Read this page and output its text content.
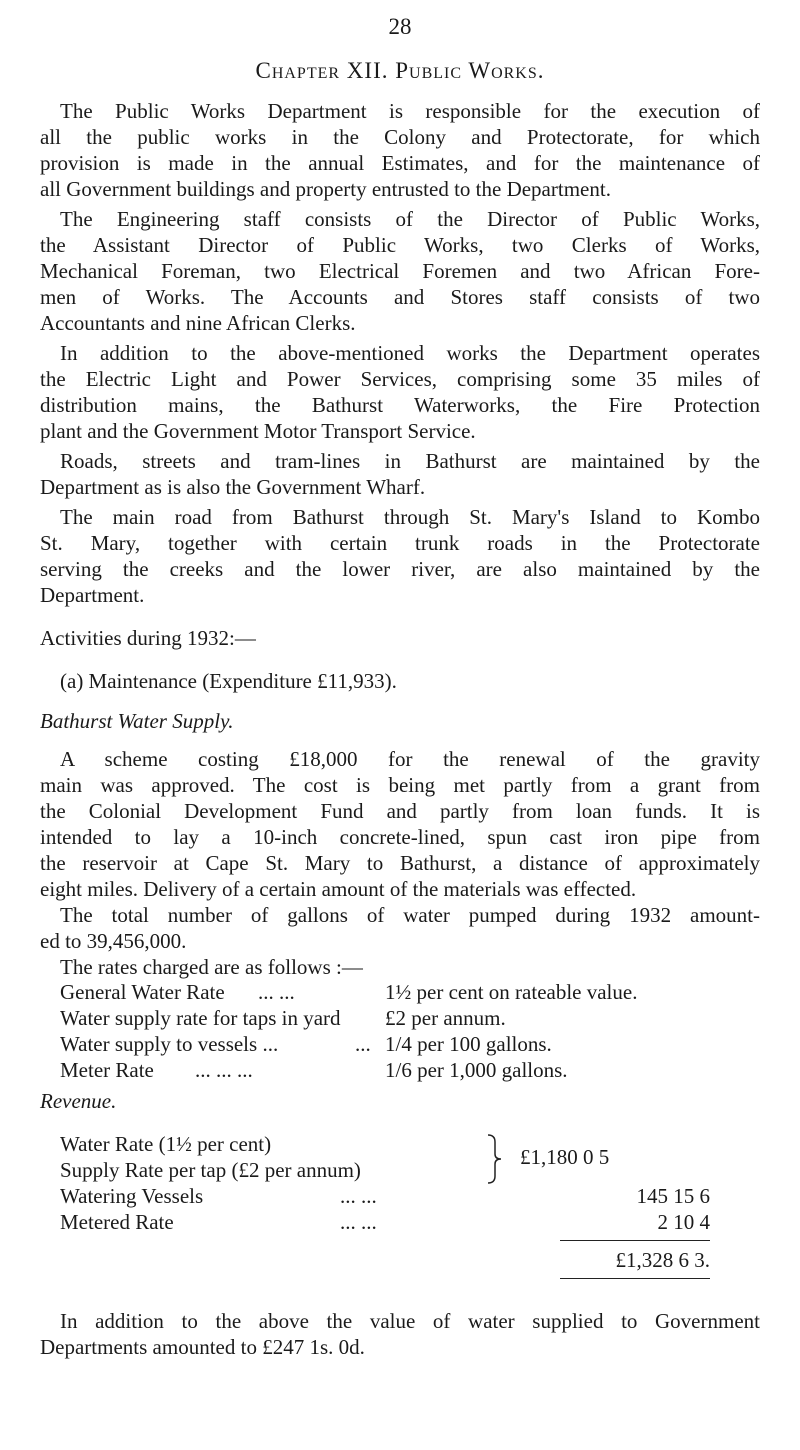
28
Chapter XII. Public Works.
The Public Works Department is responsible for the execution of
all the public works in the Colony and Protectorate, for which
provision is made in the annual Estimates, and for the maintenance of
all Government buildings and property entrusted to the Department.
The Engineering staff consists of the Director of Public Works,
the Assistant Director of Public Works, two Clerks of Works,
Mechanical Foreman, two Electrical Foremen and two African Fore-
men of Works. The Accounts and Stores staff consists of two
Accountants and nine African Clerks.
In addition to the above-mentioned works the Department operates
the Electric Light and Power Services, comprising some 35 miles of
distribution mains, the Bathurst Waterworks, the Fire Protection
plant and the Government Motor Transport Service.
Roads, streets and tram-lines in Bathurst are maintained by the
Department as is also the Government Wharf.
The main road from Bathurst through St. Mary's Island to Kombo
St. Mary, together with certain trunk roads in the Protectorate
serving the creeks and the lower river, are also maintained by the
Department.
Activities during 1932:—
(a) Maintenance (Expenditure £11,933).
Bathurst Water Supply.
A scheme costing £18,000 for the renewal of the gravity
main was approved. The cost is being met partly from a grant from
the Colonial Development Fund and partly from loan funds. It is
intended to lay a 10-inch concrete-lined, spun cast iron pipe from
the reservoir at Cape St. Mary to Bathurst, a distance of approximately
eight miles. Delivery of a certain amount of the materials was effected.
The total number of gallons of water pumped during 1932 amount-
ed to 39,456,000.
The rates charged are as follows :—
General Water Rate ... ...	1½ per cent on rateable value.
Water supply rate for taps in yard £2 per annum.
Water supply to vessels ...	... 1/4 per 100 gallons.
Meter Rate ... ... ...	1/6 per 1,000 gallons.
Revenue.
Water Rate (1½ per cent)
Supply Rate per tap (£2 per annum)
£1,180 0 5
Watering Vessels	... ...	145 15 6
Metered Rate	... ...	2 10 4
£1,328 6 3.
In addition to the above the value of water supplied to Government
Departments amounted to £247 1s. 0d.
